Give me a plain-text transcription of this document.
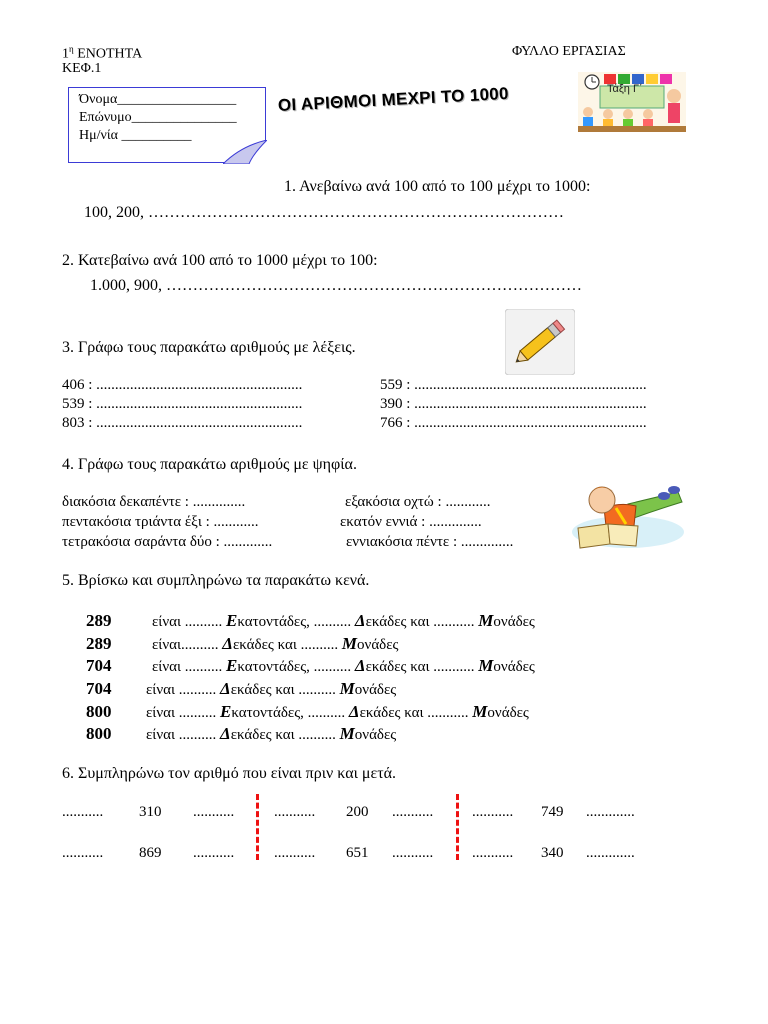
$1^\eta$ ΕΝΟΤΗΤΑ
ΚΕΦ.1
ΦΥΛΛΟ ΕΡΓΑΣΙΑΣ
Όνομα_________________
Επώνυμο_______________
Ημ/νία __________
ΟΙ ΑΡΙΘΜΟΙ ΜΕΧΡΙ ΤΟ 1000	Τάξη Γ΄
1. Ανεβαίνω ανά 100 από το 100 μέχρι το 1000:
100, 200, ……………………………………………………………………
2. Κατεβαίνω ανά 100 από το 1000 μέχρι το 100:
1.000, 900, ……………………………………………………………………
3. Γράφω τους παρακάτω αριθμούς με λέξεις.
406 : .......................................................
539 : .......................................................
803 : .......................................................
559 : ..............................................................
390 : ..............................................................
766 : ..............................................................
4. Γράφω τους παρακάτω αριθμούς με ψηφία.
διακόσια δεκαπέντε : ..............
πεντακόσια τριάντα έξι : ............
τετρακόσια σαράντα δύο : .............
εξακόσια οχτώ : ............
εκατόν εννιά : ..............
εννιακόσια πέντε : ..............
5. Βρίσκω και συμπληρώνω τα παρακάτω κενά.
289	είναι .......... Εκατοντάδες, .......... Δεκάδες και ........... Μονάδες
289	είναι.......... Δεκάδες και .......... Μονάδες
704	είναι .......... Εκατοντάδες, .......... Δεκάδες και ........... Μονάδες
704 είναι .......... Δεκάδες και .......... Μονάδες
800 είναι .......... Εκατοντάδες, .......... Δεκάδες και ........... Μονάδες
800 είναι .......... Δεκάδες και .......... Μονάδες
6. Συμπληρώνω τον αριθμό που είναι πριν και μετά.
........... 310 ...........	........... 200 ...........	........... 749 .............
........... 869 ...........	........... 651 ...........	........... 340 .............
